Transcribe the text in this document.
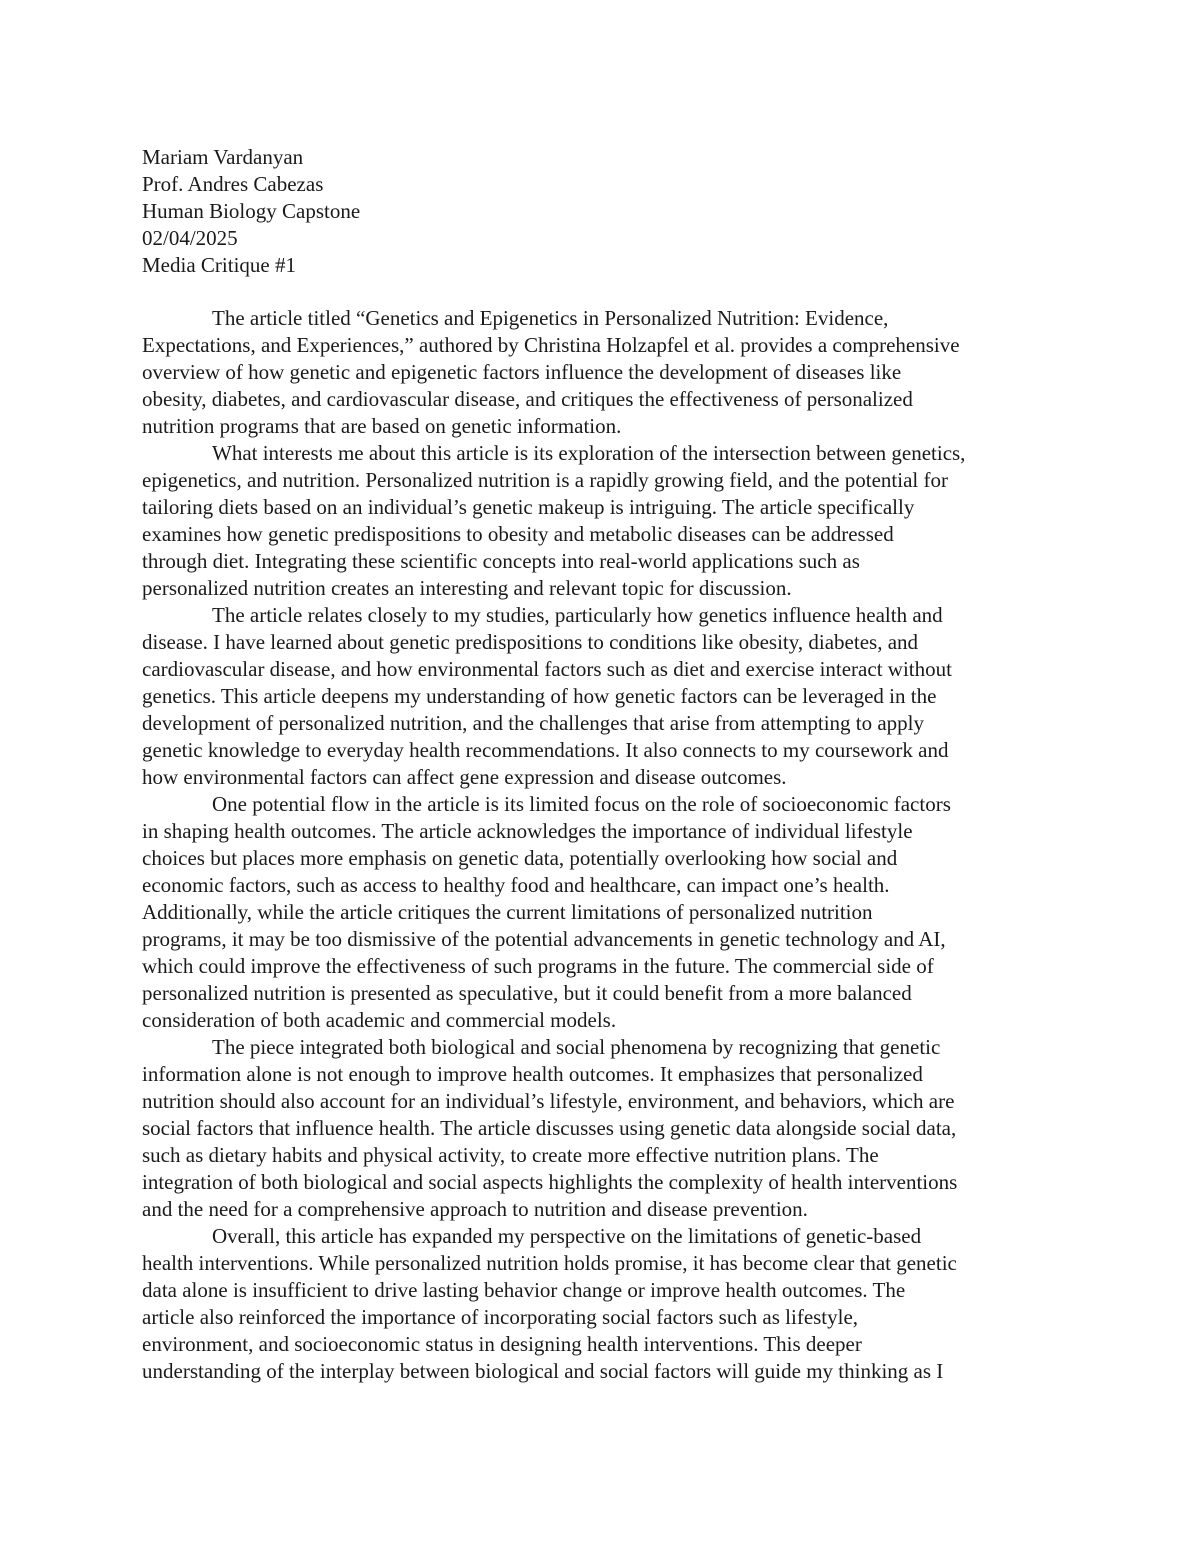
Mariam Vardanyan
Prof. Andres Cabezas
Human Biology Capstone
02/04/2025
Media Critique #1
The article titled “Genetics and Epigenetics in Personalized Nutrition: Evidence,
Expectations, and Experiences,” authored by Christina Holzapfel et al. provides a comprehensive
overview of how genetic and epigenetic factors influence the development of diseases like
obesity, diabetes, and cardiovascular disease, and critiques the effectiveness of personalized
nutrition programs that are based on genetic information.
What interests me about this article is its exploration of the intersection between genetics,
epigenetics, and nutrition. Personalized nutrition is a rapidly growing field, and the potential for
tailoring diets based on an individual’s genetic makeup is intriguing. The article specifically
examines how genetic predispositions to obesity and metabolic diseases can be addressed
through diet. Integrating these scientific concepts into real-world applications such as
personalized nutrition creates an interesting and relevant topic for discussion.
The article relates closely to my studies, particularly how genetics influence health and
disease. I have learned about genetic predispositions to conditions like obesity, diabetes, and
cardiovascular disease, and how environmental factors such as diet and exercise interact without
genetics. This article deepens my understanding of how genetic factors can be leveraged in the
development of personalized nutrition, and the challenges that arise from attempting to apply
genetic knowledge to everyday health recommendations. It also connects to my coursework and
how environmental factors can affect gene expression and disease outcomes.
One potential flow in the article is its limited focus on the role of socioeconomic factors
in shaping health outcomes. The article acknowledges the importance of individual lifestyle
choices but places more emphasis on genetic data, potentially overlooking how social and
economic factors, such as access to healthy food and healthcare, can impact one’s health.
Additionally, while the article critiques the current limitations of personalized nutrition
programs, it may be too dismissive of the potential advancements in genetic technology and AI,
which could improve the effectiveness of such programs in the future. The commercial side of
personalized nutrition is presented as speculative, but it could benefit from a more balanced
consideration of both academic and commercial models.
The piece integrated both biological and social phenomena by recognizing that genetic
information alone is not enough to improve health outcomes. It emphasizes that personalized
nutrition should also account for an individual’s lifestyle, environment, and behaviors, which are
social factors that influence health. The article discusses using genetic data alongside social data,
such as dietary habits and physical activity, to create more effective nutrition plans. The
integration of both biological and social aspects highlights the complexity of health interventions
and the need for a comprehensive approach to nutrition and disease prevention.
Overall, this article has expanded my perspective on the limitations of genetic-based
health interventions. While personalized nutrition holds promise, it has become clear that genetic
data alone is insufficient to drive lasting behavior change or improve health outcomes. The
article also reinforced the importance of incorporating social factors such as lifestyle,
environment, and socioeconomic status in designing health interventions. This deeper
understanding of the interplay between biological and social factors will guide my thinking as I
